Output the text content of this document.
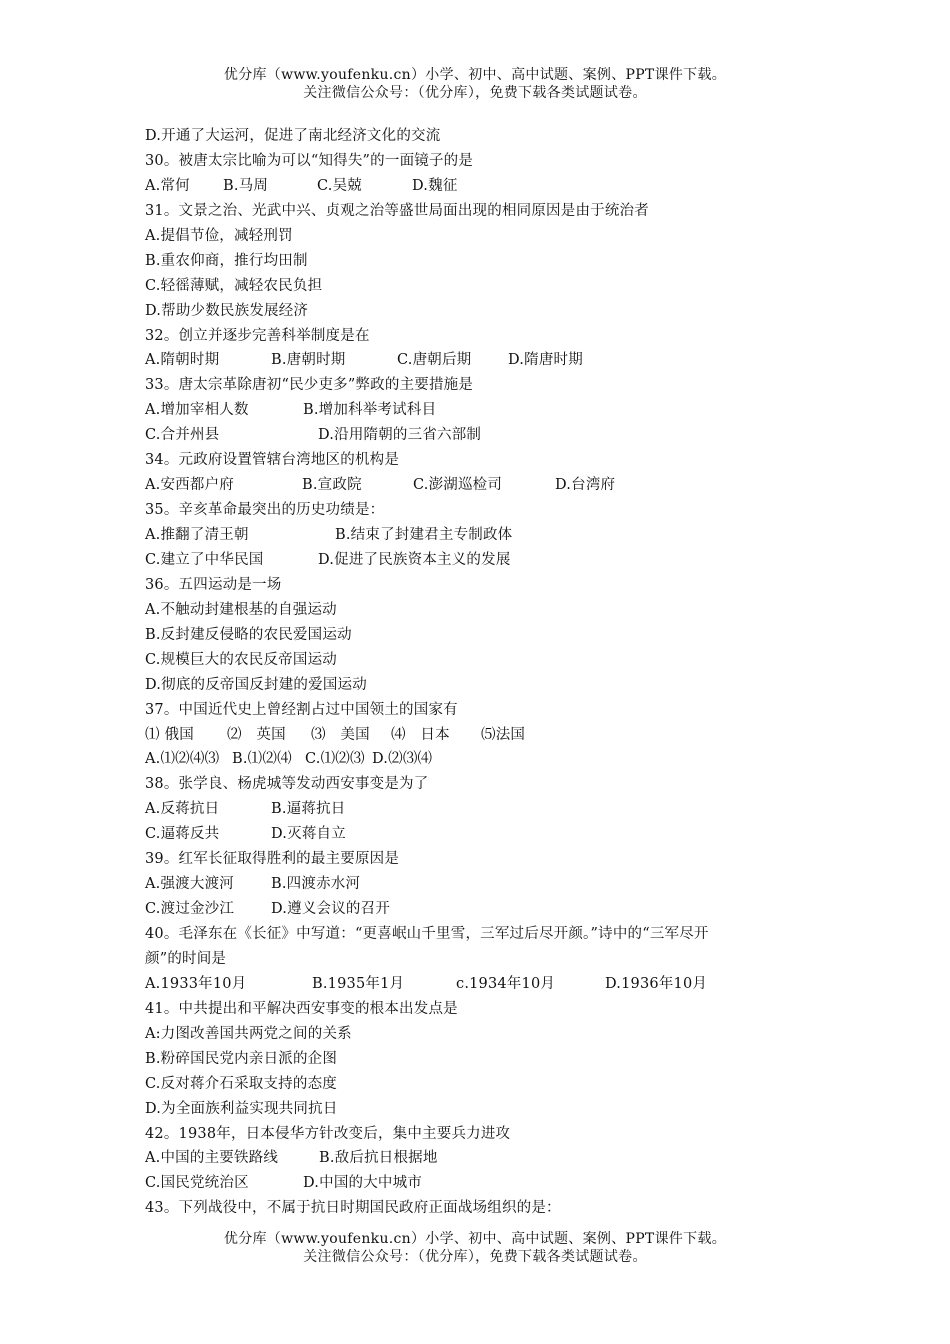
优分库（www.youfenku.cn）小学、初中、高中试题、案例、PPT课件下载。
关注微信公众号：（优分库），免费下载各类试题试卷。
D.开通了大运河，促进了南北经济文化的交流
30。被唐太宗比喻为可以“知得失”的一面镜子的是
A.常何	B.马周	C.吴兢	D.魏征
31。文景之治、光武中兴、贞观之治等盛世局面出现的相同原因是由于统治者
A.提倡节俭，减轻刑罚
B.重农仰商，推行均田制
C.轻徭薄赋，减轻农民负担
D.帮助少数民族发展经济
32。创立并逐步完善科举制度是在
A.隋朝时期	B.唐朝时期	C.唐朝后期	D.隋唐时期
33。唐太宗革除唐初“民少吏多”弊政的主要措施是
A.增加宰相人数	B.增加科举考试科目
C.合并州县	D.沿用隋朝的三省六部制
34。元政府设置管辖台湾地区的机构是
A.安西都户府	B.宣政院	C.澎湖巡检司	D.台湾府
35。辛亥革命最突出的历史功绩是：
A.推翻了清王朝	B.结束了封建君主专制政体
C.建立了中华民国	D.促进了民族资本主义的发展
36。五四运动是一场
A.不触动封建根基的自强运动
B.反封建反侵略的农民爱国运动
C.规模巨大的农民反帝国运动
D.彻底的反帝国反封建的爱国运动
37。中国近代史上曾经割占过中国领土的国家有
⑴ 俄国	⑵　英国	⑶　美国	⑷　日本	⑸法国
A.⑴⑵⑷⑶ B.⑴⑵⑷ C.⑴⑵⑶ D.⑵⑶⑷
38。张学良、杨虎城等发动西安事变是为了
A.反蒋抗日	B.逼蒋抗日
C.逼蒋反共	D.灭蒋自立
39。红军长征取得胜利的最主要原因是
A.强渡大渡河	B.四渡赤水河
C.渡过金沙江	D.遵义会议的召开
40。毛泽东在《长征》中写道：“更喜岷山千里雪，三军过后尽开颜。”诗中的“三军尽开
颜”的时间是
A.1933年10月	B.1935年1月	c.1934年10月	D.1936年10月
41。中共提出和平解决西安事变的根本出发点是
A:力图改善国共两党之间的关系
B.粉碎国民党内亲日派的企图
C.反对蒋介石采取支持的态度
D.为全面族利益实现共同抗日
42。1938年，日本侵华方针改变后，集中主要兵力进攻
A.中国的主要铁路线	B.敌后抗日根据地
C.国民党统治区	D.中国的大中城市
43。下列战役中，不属于抗日时期国民政府正面战场组织的是：
优分库（www.youfenku.cn）小学、初中、高中试题、案例、PPT课件下载。
关注微信公众号：（优分库），免费下载各类试题试卷。
